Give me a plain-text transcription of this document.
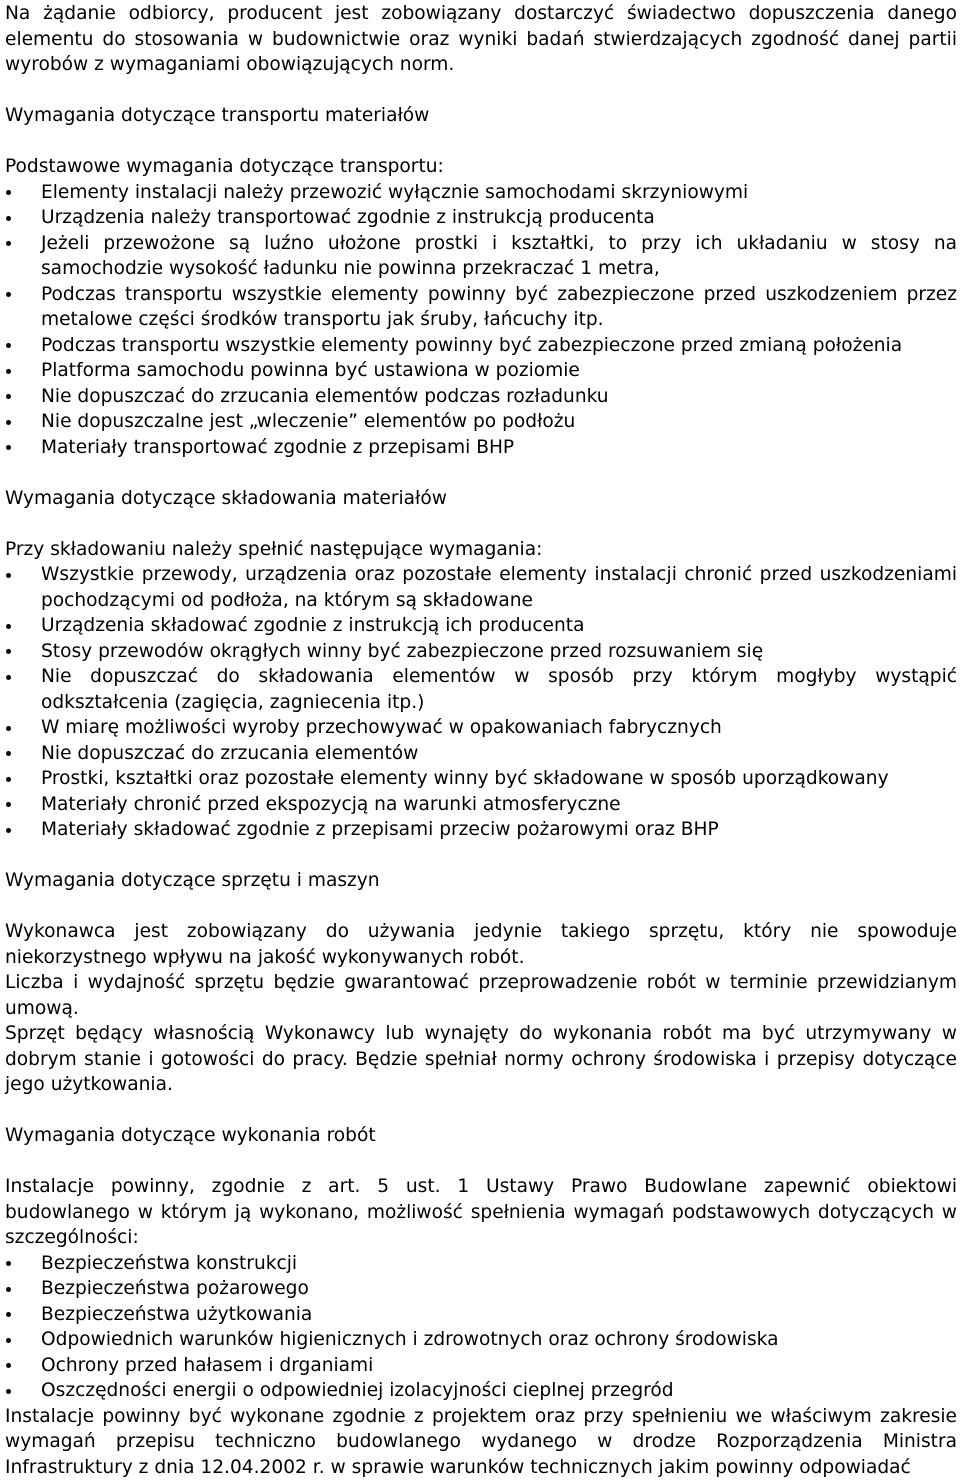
Na żądanie odbiorcy, producent jest zobowiązany dostarczyć świadectwo dopuszczenia danego elementu do stosowania w budownictwie oraz wyniki badań stwierdzających zgodność danej partii wyrobów z wymaganiami obowiązujących norm.

Wymagania dotyczące transportu materiałów

Podstawowe wymagania dotyczące transportu:

Elementy instalacji należy przewozić wyłącznie samochodami skrzyniowymi
Urządzenia należy transportować zgodnie z instrukcją producenta
Jeżeli przewożone są luźno ułożone prostki i kształtki, to przy ich układaniu w stosy na samochodzie wysokość ładunku nie powinna przekraczać 1 metra,
Podczas transportu wszystkie elementy powinny być zabezpieczone przed uszkodzeniem przez metalowe części środków transportu jak śruby, łańcuchy itp.
Podczas transportu wszystkie elementy powinny być zabezpieczone przed zmianą położenia
Platforma samochodu powinna być ustawiona w poziomie
Nie dopuszczać do zrzucania elementów podczas rozładunku
Nie dopuszczalne jest „wleczenie” elementów po podłożu
Materiały transportować zgodnie z przepisami BHP

Wymagania dotyczące składowania materiałów

Przy składowaniu należy spełnić następujące wymagania:

Wszystkie przewody, urządzenia oraz pozostałe elementy instalacji chronić przed uszkodzeniami pochodzącymi od podłoża, na którym są składowane
Urządzenia składować zgodnie z instrukcją ich producenta
Stosy przewodów okrągłych winny być zabezpieczone przed rozsuwaniem się
Nie dopuszczać do składowania elementów w sposób przy którym mogłyby wystąpić odkształcenia (zagięcia, zagniecenia itp.)
W miarę możliwości wyroby przechowywać w opakowaniach fabrycznych
Nie dopuszczać do zrzucania elementów
Prostki, kształtki oraz pozostałe elementy winny być składowane w sposób uporządkowany
Materiały chronić przed ekspozycją na warunki atmosferyczne
Materiały składować zgodnie z przepisami przeciw pożarowymi oraz BHP

Wymagania dotyczące sprzętu i maszyn

Wykonawca jest zobowiązany do używania jedynie takiego sprzętu, który nie spowoduje niekorzystnego wpływu na jakość wykonywanych robót.

Liczba i wydajność sprzętu będzie gwarantować przeprowadzenie robót w terminie przewidzianym umową.

Sprzęt będący własnością Wykonawcy lub wynajęty do wykonania robót ma być utrzymywany w dobrym stanie i gotowości do pracy. Będzie spełniał normy ochrony środowiska i przepisy dotyczące jego użytkowania.

Wymagania dotyczące wykonania robót

Instalacje powinny, zgodnie z art. 5 ust. 1 Ustawy Prawo Budowlane zapewnić obiektowi budowlanego w którym ją wykonano, możliwość spełnienia wymagań podstawowych dotyczących w szczególności:

Bezpieczeństwa konstrukcji
Bezpieczeństwa pożarowego
Bezpieczeństwa użytkowania
Odpowiednich warunków higienicznych i zdrowotnych oraz ochrony środowiska
Ochrony przed hałasem i drganiami
Oszczędności energii o odpowiedniej izolacyjności cieplnej przegród

Instalacje powinny być wykonane zgodnie z projektem oraz przy spełnieniu we właściwym zakresie wymagań przepisu techniczno budowlanego wydanego w drodze Rozporządzenia Ministra Infrastruktury z dnia 12.04.2002 r. w sprawie warunków technicznych jakim powinny odpowiadać
